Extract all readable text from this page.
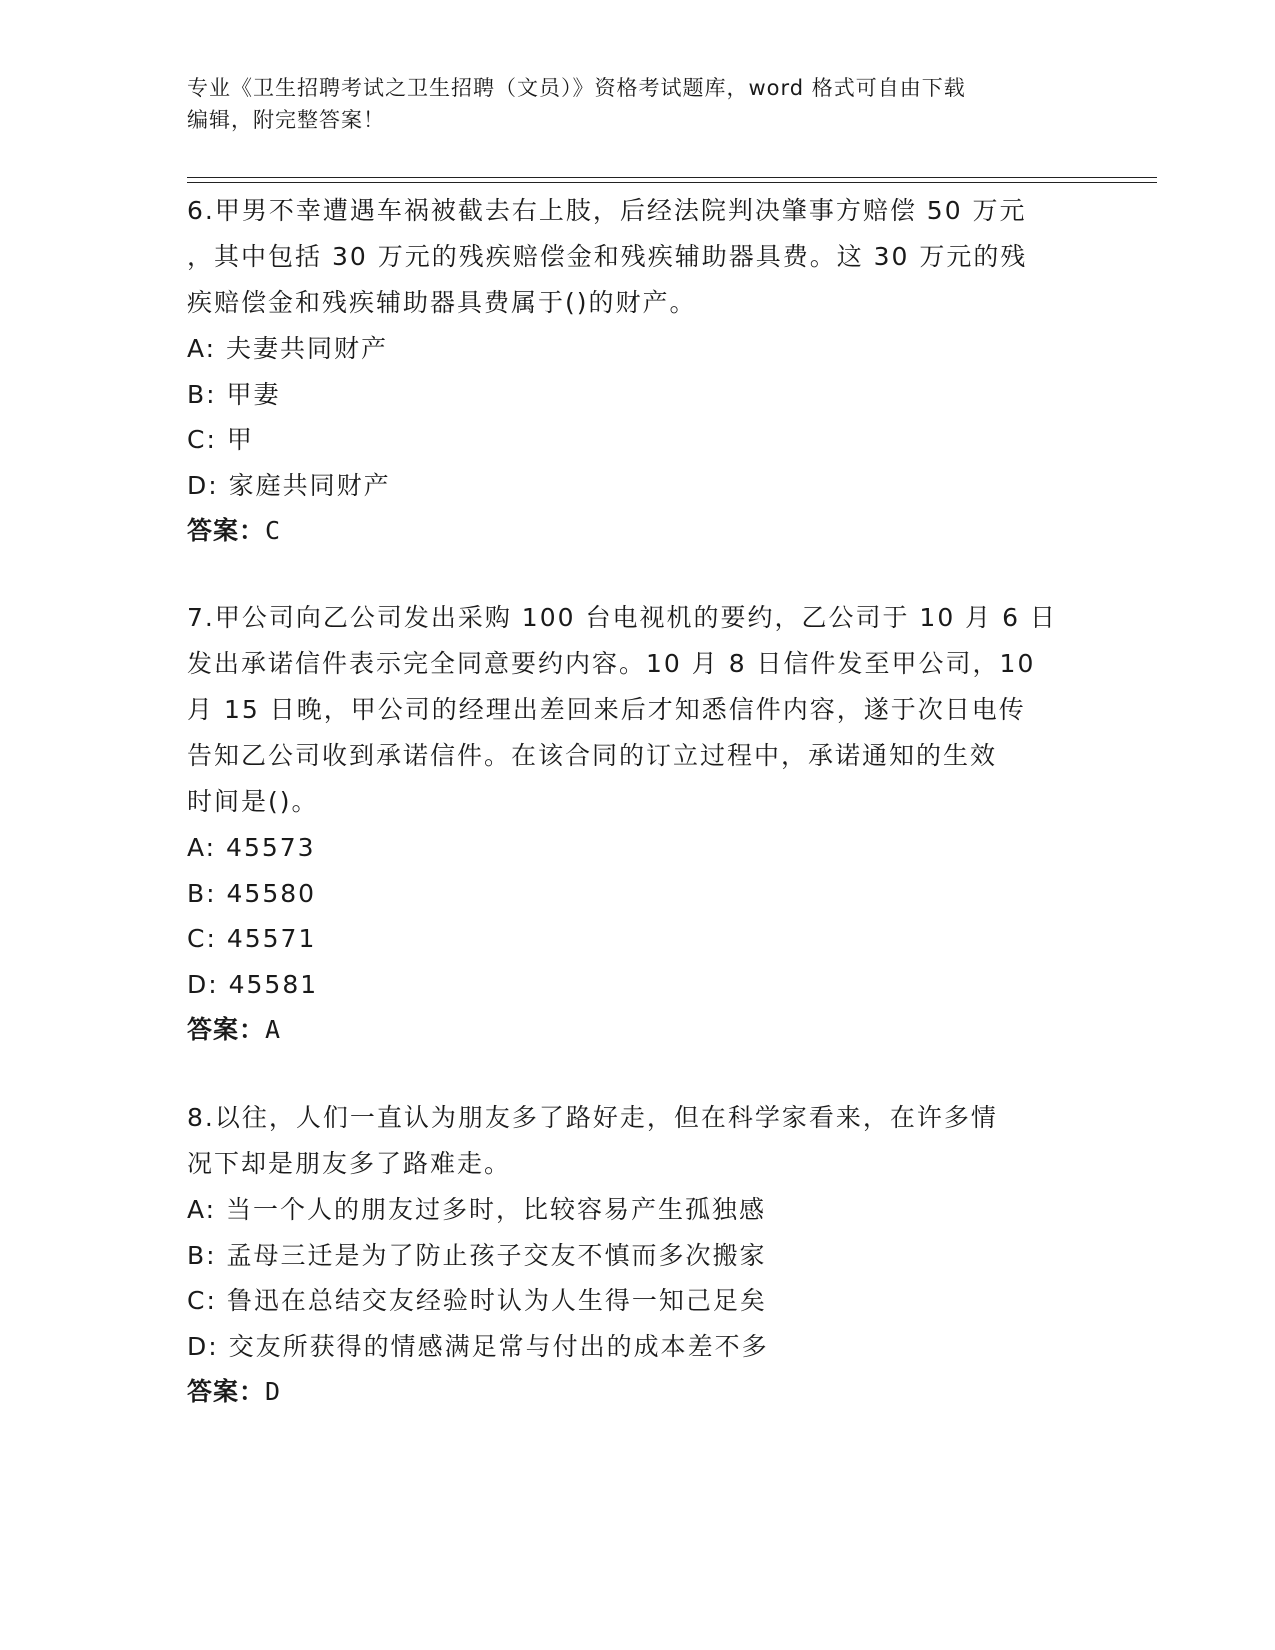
专业《卫生招聘考试之卫生招聘（文员）》资格考试题库，word 格式可自由下载
编辑，附完整答案！

6.甲男不幸遭遇车祸被截去右上肢，后经法院判决肇事方赔偿 50 万元

，其中包括 30 万元的残疾赔偿金和残疾辅助器具费。这 30 万元的残

疾赔偿金和残疾辅助器具费属于()的财产。

A: 夫妻共同财产

B: 甲妻

C: 甲

D: 家庭共同财产

答案：C

7.甲公司向乙公司发出采购 100 台电视机的要约，乙公司于 10 月 6 日

发出承诺信件表示完全同意要约内容。10 月 8 日信件发至甲公司，10

月 15 日晚，甲公司的经理出差回来后才知悉信件内容，遂于次日电传

告知乙公司收到承诺信件。在该合同的订立过程中，承诺通知的生效

时间是()。

A: 45573

B: 45580

C: 45571

D: 45581

答案：A

8.以往，人们一直认为朋友多了路好走，但在科学家看来，在许多情

况下却是朋友多了路难走。

A: 当一个人的朋友过多时，比较容易产生孤独感

B: 孟母三迁是为了防止孩子交友不慎而多次搬家

C: 鲁迅在总结交友经验时认为人生得一知己足矣

D: 交友所获得的情感满足常与付出的成本差不多

答案：D
